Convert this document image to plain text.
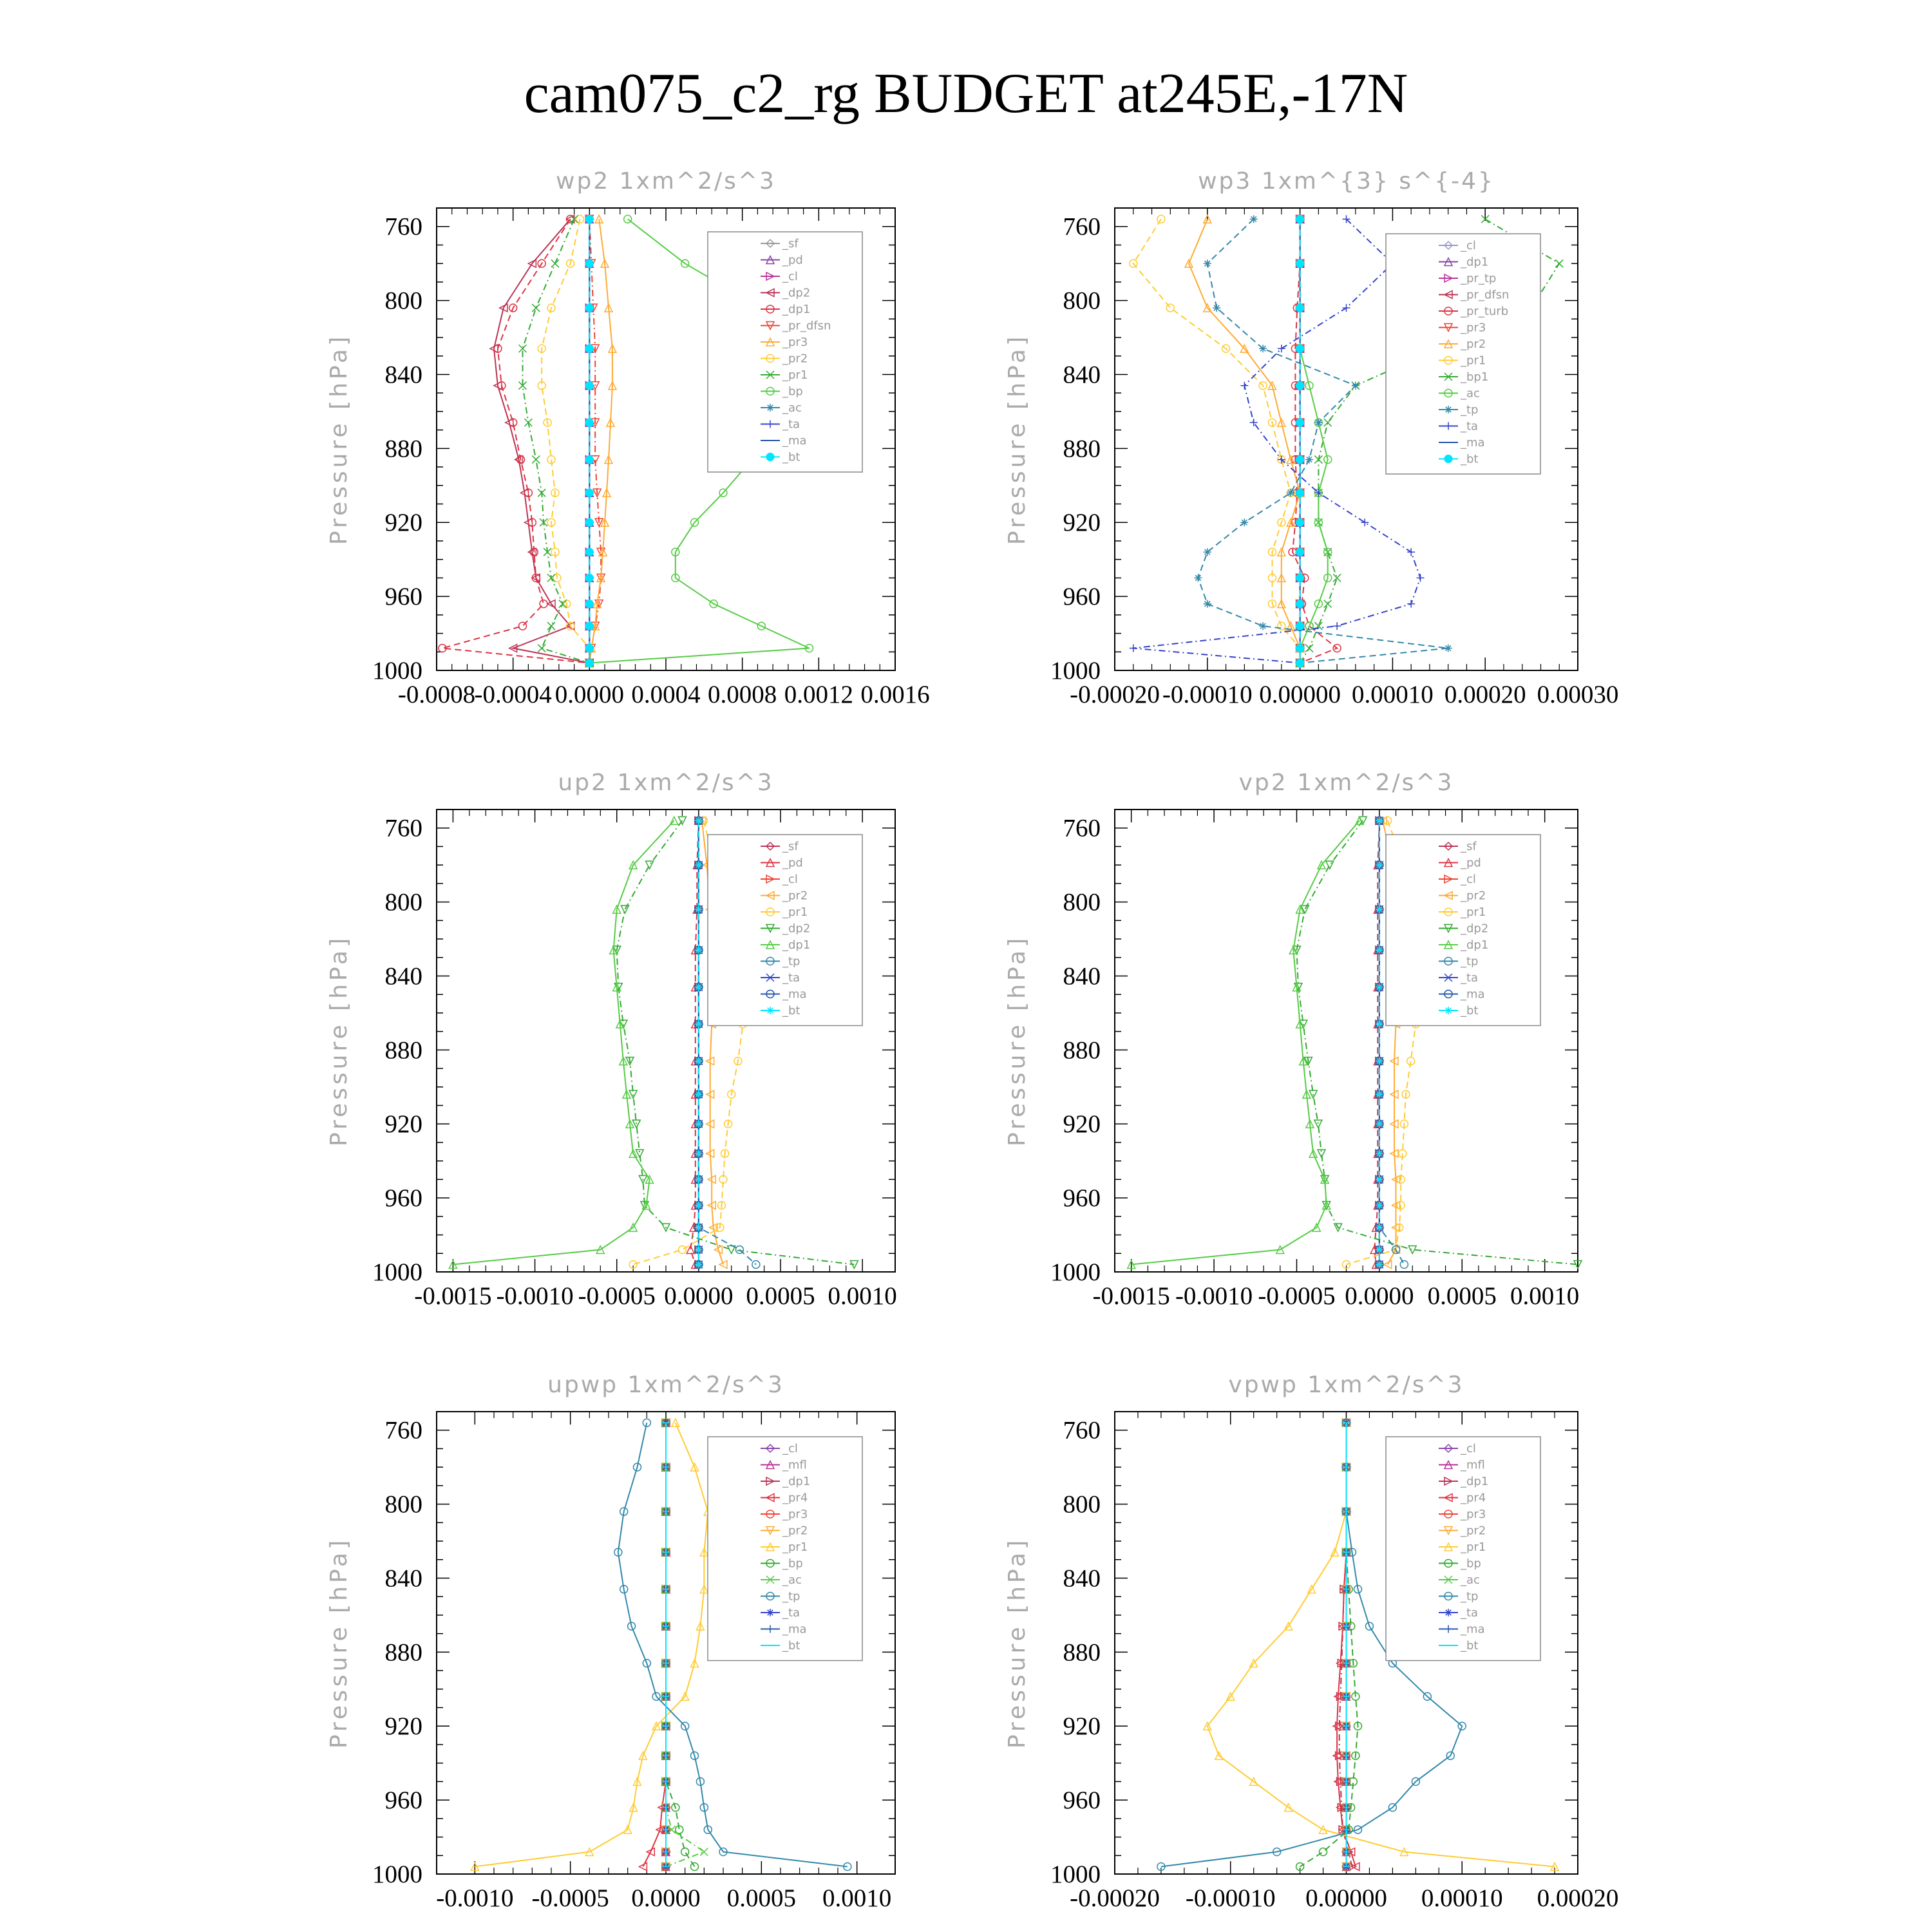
cam075_c2_rg BUDGET at245E,-17N
wp2 1xm^2/s^3
Pressure [hPa]
760
800
840
880
920
960
1000
-0.0008
-0.0004 0.0000 0.0004 0.0008 0.0012 0.0016
_sf
_pd
_cl
_dp2
_dp1
_pr_dfsn
_pr3
_pr2
_pr1
_bp
_ac
_ta
_ma
_bt
wp3 1xm^{3} s^{-4}
Pressure [hPa]
760
800
840
880
920
960
1000
-0.00020 -0.00010 0.00000 0.00010 0.00020 0.00030
_cl
_dp1
_pr_tp
_pr_dfsn
_pr_turb
_pr3
_pr2
_pr1
_bp1
_ac
_tp
_ta
_ma
_bt
up2 1xm^2/s^3
Pressure [hPa]
760
800
840
880
920
960
1000
-0.0015 -0.0010 -0.0005 0.0000 0.0005 0.0010
_sf
_pd
_cl
_pr2
_pr1
_dp2
_dp1
_tp
_ta
_ma
_bt
vp2 1xm^2/s^3
Pressure [hPa]
760
800
840
880
920
960
1000
-0.0015 -0.0010 -0.0005 0.0000 0.0005 0.0010
_sf
_pd
_cl
_pr2
_pr1
_dp2
_dp1
_tp
_ta
_ma
_bt
upwp 1xm^2/s^3
Pressure [hPa]
760
800
840
880
920
960
1000
-0.0010 -0.0005 0.0000 0.0005 0.0010
_cl
_mfl
_dp1
_pr4
_pr3
_pr2
_pr1
_bp
_ac
_tp
_ta
_ma
_bt
vpwp 1xm^2/s^3
Pressure [hPa]
760
800
840
880
920
960
1000
-0.00020 -0.00010 0.00000 0.00010 0.00020
_cl
_mfl
_dp1
_pr4
_pr3
_pr2
_pr1
_bp
_ac
_tp
_ta
_ma
_bt
